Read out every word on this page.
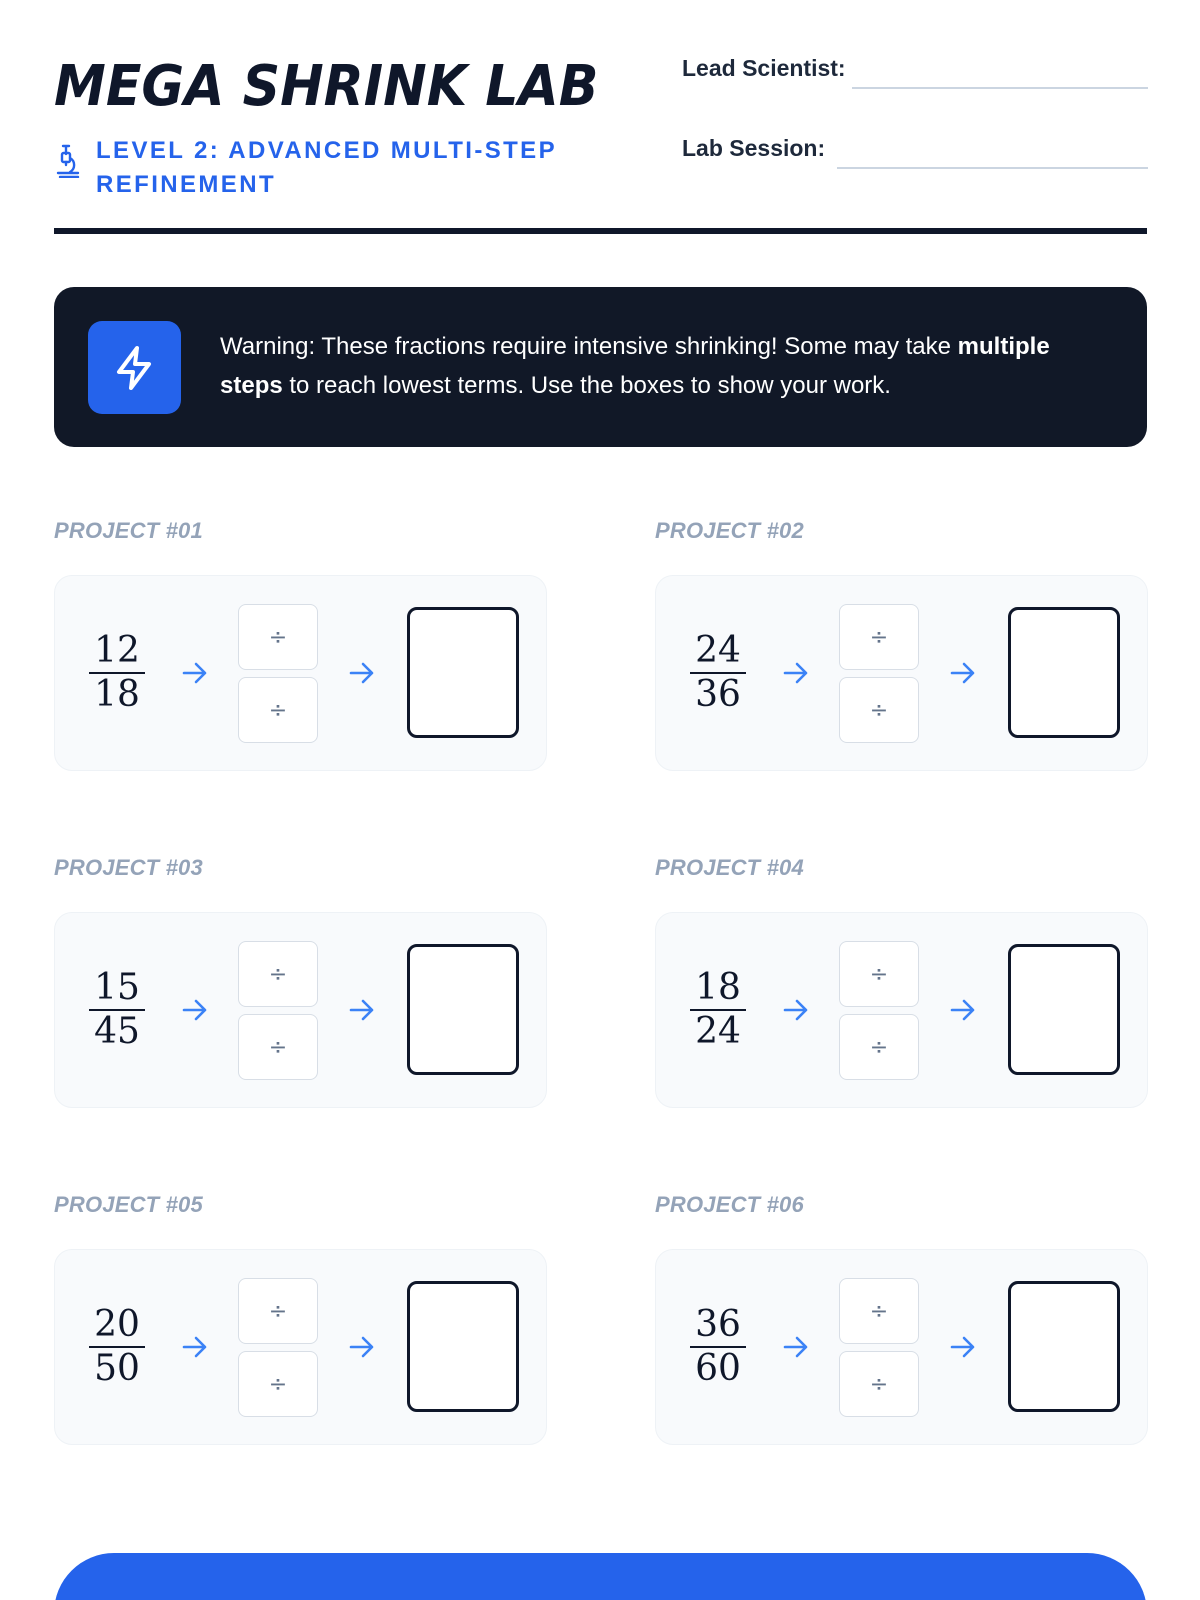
MEGA SHRINK LAB
LEVEL 2: ADVANCED MULTI-STEP REFINEMENT
Lead Scientist:
Lab Session:
Warning: These fractions require intensive shrinking! Some may take multiple steps to reach lowest terms. Use the boxes to show your work.
PROJECT #01
12
18
÷
÷
PROJECT #02
24
36
÷
÷
PROJECT #03
15
45
÷
÷
PROJECT #04
18
24
÷
÷
PROJECT #05
20
50
÷
÷
PROJECT #06
36
60
÷
÷
